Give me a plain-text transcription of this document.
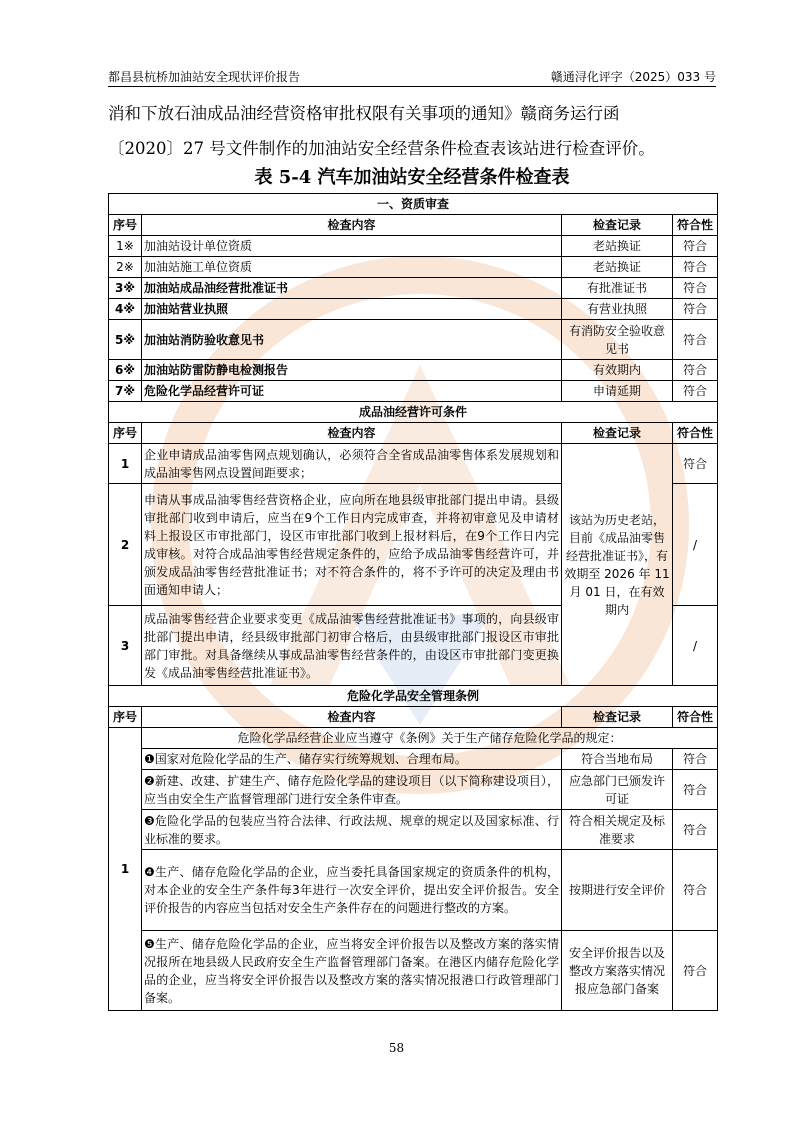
都昌县杭桥加油站安全现状评价报告	赣通浔化评字（2025）033 号
消和下放石油成品油经营资格审批权限有关事项的通知》赣商务运行函
〔2020〕27 号文件制作的加油站安全经营条件检查表该站进行检查评价。
表 5-4 汽车加油站安全经营条件检查表
一、资质审查			
序号	检查内容	检查记录	符合性
1※	加油站设计单位资质	老站换证	符合
2※	加油站施工单位资质	老站换证	符合
3※	加油站成品油经营批准证书	有批准证书	符合
4※	加油站营业执照	有营业执照	符合
5※	加油站消防验收意见书	有消防安全验收意见书	符合
6※	加油站防雷防静电检测报告	有效期内	符合
7※	危险化学品经营许可证	申请延期	符合
成品油经营许可条件			
序号	检查内容	检查记录	符合性
1	企业申请成品油零售网点规划确认，必须符合全省成品油零售体系发展规划和成品油零售网点设置间距要求；	该站为历史老站，目前《成品油零售经营批准证书》，有效期至 2026 年 11 月 01 日，在有效期内	符合
2	申请从事成品油零售经营资格企业，应向所在地县级审批部门提出申请。县级审批部门收到申请后，应当在9个工作日内完成审查，并将初审意见及申请材料上报设区市审批部门，设区市审批部门收到上报材料后，在9个工作日内完成审核。对符合成品油零售经营规定条件的，应给予成品油零售经营许可，并颁发成品油零售经营批准证书；对不符合条件的，将不予许可的决定及理由书面通知申请人；		/
3	成品油零售经营企业要求变更《成品油零售经营批准证书》事项的，向县级审批部门提出申请，经县级审批部门初审合格后，由县级审批部门报设区市审批部门审批。对具备继续从事成品油零售经营条件的，由设区市审批部门变更换发《成品油零售经营批准证书》。		/
危险化学品安全管理条例			
序号	检查内容	检查记录	符合性
1	危险化学品经营企业应当遵守《条例》关于生产储存危险化学品的规定：		
	❶国家对危险化学品的生产、储存实行统筹规划、合理布局。	符合当地布局	符合
	❷新建、改建、扩建生产、储存危险化学品的建设项目（以下简称建设项目），应当由安全生产监督管理部门进行安全条件审查。	应急部门已颁发许可证	符合
	❸危险化学品的包装应当符合法律、行政法规、规章的规定以及国家标准、行业标准的要求。	符合相关规定及标准要求	符合
	❹生产、储存危险化学品的企业，应当委托具备国家规定的资质条件的机构，对本企业的安全生产条件每3年进行一次安全评价，提出安全评价报告。安全评价报告的内容应当包括对安全生产条件存在的问题进行整改的方案。	按期进行安全评价	符合
	❺生产、储存危险化学品的企业，应当将安全评价报告以及整改方案的落实情况报所在地县级人民政府安全生产监督管理部门备案。在港区内储存危险化学品的企业，应当将安全评价报告以及整改方案的落实情况报港口行政管理部门备案。	安全评价报告以及整改方案落实情况报应急部门备案	符合
58
